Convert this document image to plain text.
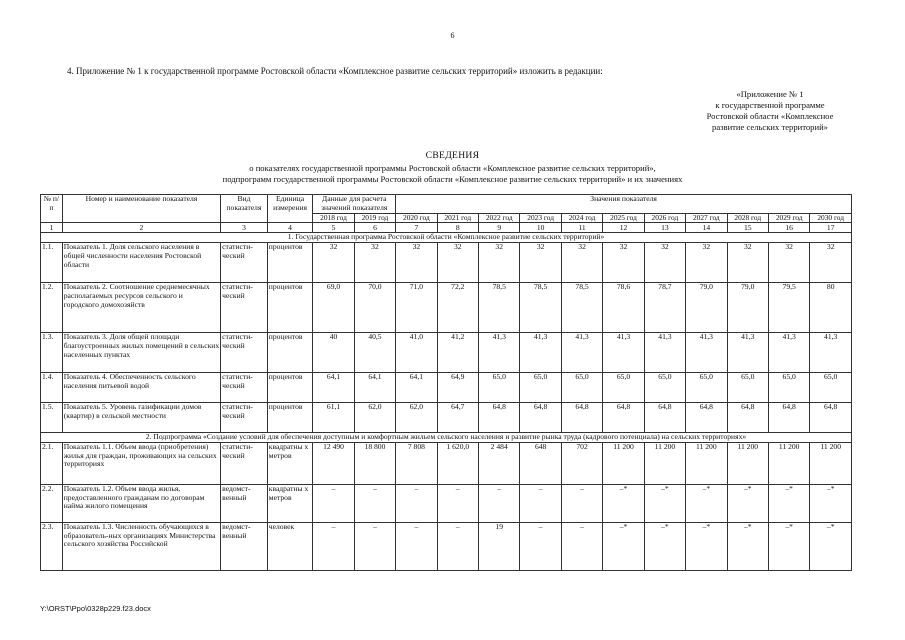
6
4. Приложение № 1 к государственной программе Ростовской области «Комплексное развитие сельских территорий» изложить в редакции:
«Приложение № 1
к государственной программе
Ростовской области «Комплексное
развитие сельских территорий»
СВЕДЕНИЯ
о показателях государственной программы Ростовской области «Комплексное развитие сельских территорий»,
подпрограмм государственной программы Ростовской области «Комплексное развитие сельских территорий» и их значениях
№ п/п	Номер и наименование показателя	Вид показателя	Единица измерения	Данные для расчета значений показателя		Значения показателя										
				2018 год	2019 год	2020 год	2021 год	2022 год	2023 год	2024 год	2025 год	2026 год	2027 год	2028 год	2029 год	2030 год
1	2	3	4	5	6	7	8	9	10	11	12	13	14	15	16	17
1. Государственная программа Ростовской области «Комплексное развитие сельских территорий»																
1.1.	Показатель 1. Доля сельского населения в общей численности населения Ростовской области	статисти-ческий	процентов	32	32	32	32	32	32	32	32	32	32	32	32	32
1.2.	Показатель 2. Соотношение среднемесячных располагаемых ресурсов сельского и городского домохозяйств	статисти-ческий	процентов	69,0	70,0	71,0	72,2	78,5	78,5	78,5	78,6	78,7	79,0	79,0	79,5	80
1.3.	Показатель 3. Доля общей площади благоустроенных жилых помещений в сельских населенных пунктах	статисти-ческий	процентов	40	40,5	41,0	41,2	41,3	41,3	41,3	41,3	41,3	41,3	41,3	41,3	41,3
1.4.	Показатель 4. Обеспеченность сельского населения питьевой водой	статисти-ческий	процентов	64,1	64,1	64,1	64,9	65,0	65,0	65,0	65,0	65,0	65,0	65,0	65,0	65,0
1.5.	Показатель 5. Уровень газификации домов (квартир) в сельской местности	статисти-ческий	процентов	61,1	62,0	62,0	64,7	64,8	64,8	64,8	64,8	64,8	64,8	64,8	64,8	64,8
2. Подпрограмма «Создание условий для обеспечения доступным и комфортным жильем сельского населения и развитие рынка труда (кадрового потенциала) на сельских территориях»																
2.1.	Показатель 1.1. Объем ввода (приобретения) жилья для граждан, проживающих на сельских территориях	статисти-ческий	квадратны х метров	12 490	18 800	7 808	1 620,0	2 484	648	702	11 200	11 200	11 200	11 200	11 200	11 200
2.2.	Показатель 1.2. Объем ввода жилья, предоставленного гражданам по договорам найма жилого помещения	ведомст-венный	квадратны х метров	–	–	–	–	–	–	–	–*	–*	–*	–*	–*	–*
2.3.	Показатель 1.3. Численность обучающихся в образователь-ных организациях Министерства сельского хозяйства Российской	ведомст-венный	человек	–	–	–	–	19	–	–	–*	–*	–*	–*	–*	–*
Y:\ORST\Ppo\0328p229.f23.docx
